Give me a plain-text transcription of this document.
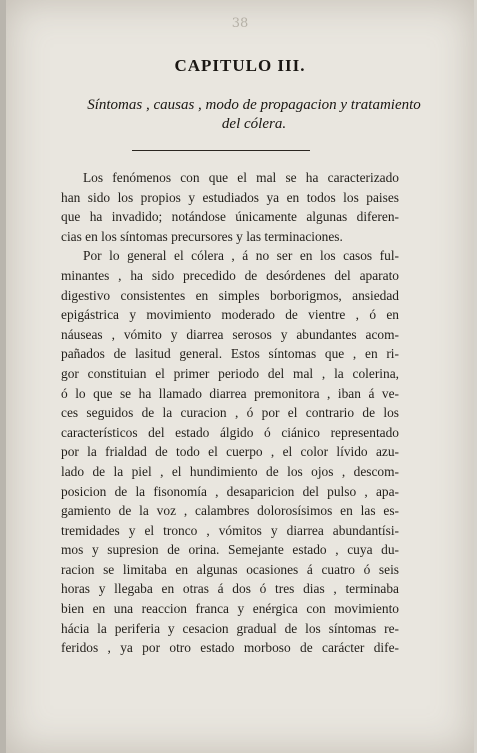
38
CAPITULO III.
Síntomas , causas , modo de propagacion y tratamiento
del cólera.
Los fenómenos con que el mal se ha caracterizado
han sido los propios y estudiados ya en todos los paises
que ha invadido; notándose únicamente algunas diferen-
cias en los síntomas precursores y las terminaciones.
Por lo general el cólera , á no ser en los casos ful-
minantes , ha sido precedido de desórdenes del aparato
digestivo consistentes en simples borborigmos, ansiedad
epigástrica y movimiento moderado de vientre , ó en
náuseas , vómito y diarrea serosos y abundantes acom-
pañados de lasitud general. Estos síntomas que , en ri-
gor constituian el primer periodo del mal , la colerina,
ó lo que se ha llamado diarrea premonitora , iban á ve-
ces seguidos de la curacion , ó por el contrario de los
característicos del estado álgido ó ciánico representado
por la frialdad de todo el cuerpo , el color lívido azu-
lado de la piel , el hundimiento de los ojos , descom-
posicion de la fisonomía , desaparicion del pulso , apa-
gamiento de la voz , calambres dolorosísimos en las es-
tremidades y el tronco , vómitos y diarrea abundantísi-
mos y supresion de orina. Semejante estado , cuya du-
racion se limitaba en algunas ocasiones á cuatro ó seis
horas y llegaba en otras á dos ó tres dias , terminaba
bien en una reaccion franca y enérgica con movimiento
hácia la periferia y cesacion gradual de los síntomas re-
feridos , ya por otro estado morboso de carácter dife-
